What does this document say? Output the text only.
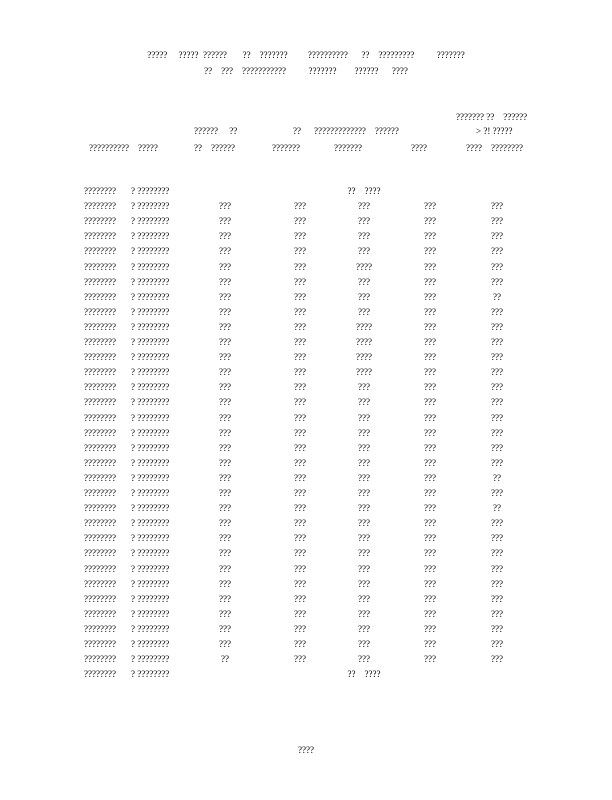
?????     ?????  ??????       ??    ???????         ??????????      ??    ?????????          ???????
??    ???    ???????????          ???????        ??????      ????
??????? ??    ??????
??????     ??	?? ?????????????    ??????	> ?! ?????
??????????    ?????	??    ??????	???????	???????	????	????    ????????
???????? ? ????????	??    ????
???????? ? ????????	???	???	???	???	???
???????? ? ????????	???	???	???	???	???
???????? ? ????????	???	???	???	???	???
???????? ? ????????	???	???	???	???	???
???????? ? ????????	???	???	????	???	???
???????? ? ????????	???	???	???	???	???
???????? ? ????????	???	???	???	???	??
???????? ? ????????	???	???	???	???	???
???????? ? ????????	???	???	????	???	???
???????? ? ????????	???	???	????	???	???
???????? ? ????????	???	???	????	???	???
???????? ? ????????	???	???	????	???	???
???????? ? ????????	???	???	???	???	???
???????? ? ????????	???	???	???	???	???
???????? ? ????????	???	???	???	???	???
???????? ? ????????	???	???	???	???	???
???????? ? ????????	???	???	???	???	???
???????? ? ????????	???	???	???	???	???
???????? ? ????????	???	???	???	???	??
???????? ? ????????	???	???	???	???	???
???????? ? ????????	???	???	???	???	??
???????? ? ????????	???	???	???	???	???
???????? ? ????????	???	???	???	???	???
???????? ? ????????	???	???	???	???	???
???????? ? ????????	???	???	???	???	???
???????? ? ????????	???	???	???	???	???
???????? ? ????????	???	???	???	???	???
???????? ? ????????	???	???	???	???	???
???????? ? ????????	???	???	???	???	???
???????? ? ????????	???	???	???	???	???
???????? ? ????????	??	???	???	???	???
???????? ? ????????	??    ????
????
